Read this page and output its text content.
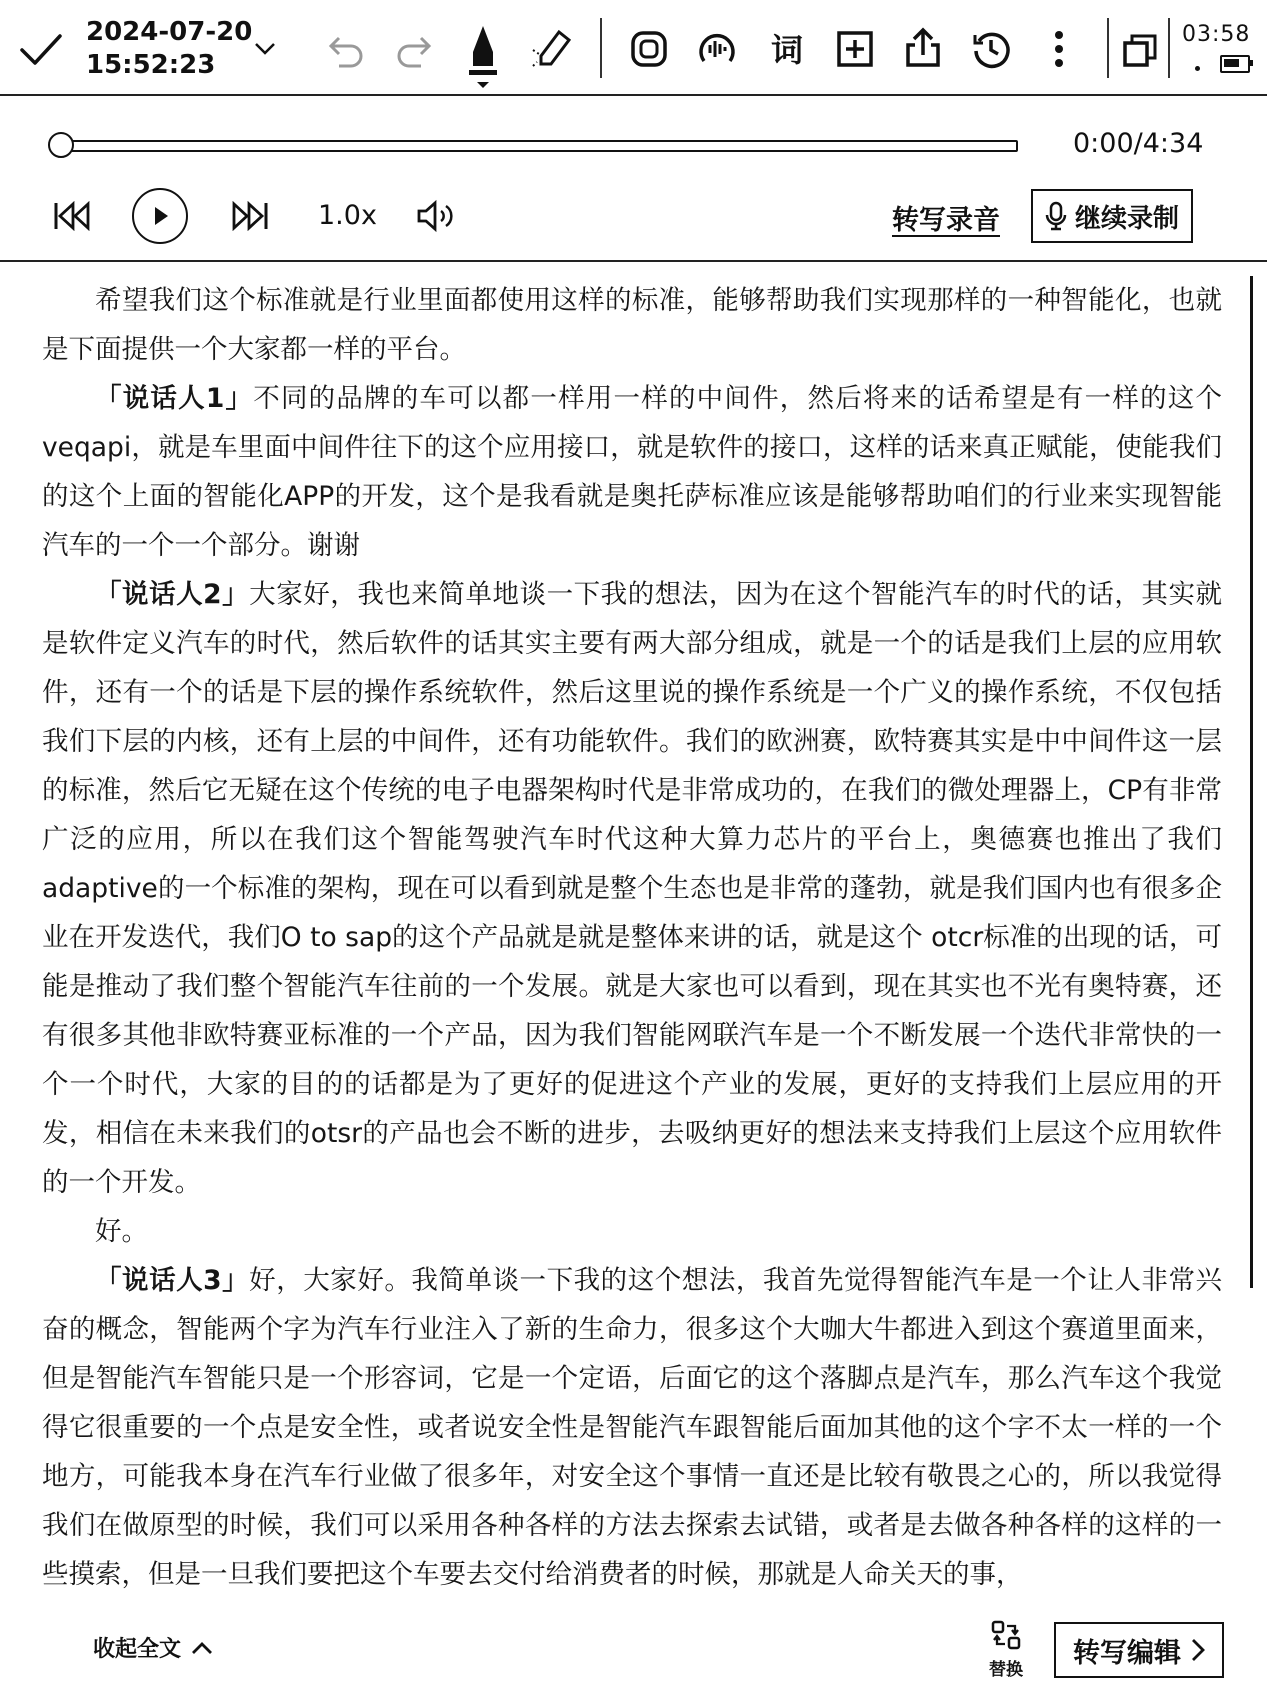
2024-07-20
15:52:23	词	03:58
0:00/4:34
1.0x	转写录音	继续录制

希望我们这个标准就是行业里面都使用这样的标准，能够帮助我们实现那样的一种智能化，也就是下面提供一个大家都一样的平台。

「说话人1」不同的品牌的车可以都一样用一样的中间件，然后将来的话希望是有一样的这个veqapi，就是车里面中间件往下的这个应用接口，就是软件的接口，这样的话来真正赋能，使能我们的这个上面的智能化APP的开发，这个是我看就是奥托萨标准应该是能够帮助咱们的行业来实现智能汽车的一个一个部分。谢谢

「说话人2」大家好，我也来简单地谈一下我的想法，因为在这个智能汽车的时代的话，其实就是软件定义汽车的时代，然后软件的话其实主要有两大部分组成，就是一个的话是我们上层的应用软件，还有一个的话是下层的操作系统软件，然后这里说的操作系统是一个广义的操作系统，不仅包括我们下层的内核，还有上层的中间件，还有功能软件。我们的欧洲赛，欧特赛其实是中中间件这一层的标准，然后它无疑在这个传统的电子电器架构时代是非常成功的，在我们的微处理器上，CP有非常广泛的应用，所以在我们这个智能驾驶汽车时代这种大算力芯片的平台上，奥德赛也推出了我们adaptive的一个标准的架构，现在可以看到就是整个生态也是非常的蓬勃，就是我们国内也有很多企业在开发迭代，我们O to sap的这个产品就是就是整体来讲的话，就是这个 otcr标准的出现的话，可能是推动了我们整个智能汽车往前的一个发展。就是大家也可以看到，现在其实也不光有奥特赛，还有很多其他非欧特赛亚标准的一个产品，因为我们智能网联汽车是一个不断发展一个迭代非常快的一个一个时代，大家的目的的话都是为了更好的促进这个产业的发展，更好的支持我们上层应用的开发，相信在未来我们的otsr的产品也会不断的进步，去吸纳更好的想法来支持我们上层这个应用软件的一个开发。

好。

「说话人3」好，大家好。我简单谈一下我的这个想法，我首先觉得智能汽车是一个让人非常兴奋的概念，智能两个字为汽车行业注入了新的生命力，很多这个大咖大牛都进入到这个赛道里面来，但是智能汽车智能只是一个形容词，它是一个定语，后面它的这个落脚点是汽车，那么汽车这个我觉得它很重要的一个点是安全性，或者说安全性是智能汽车跟智能后面加其他的这个字不太一样的一个地方，可能我本身在汽车行业做了很多年，对安全这个事情一直还是比较有敬畏之心的，所以我觉得我们在做原型的时候，我们可以采用各种各样的方法去探索去试错，或者是去做各种各样的这样的一些摸索，但是一旦我们要把这个车要去交付给消费者的时候，那就是人命关天的事，

收起全文
替换
转写编辑
